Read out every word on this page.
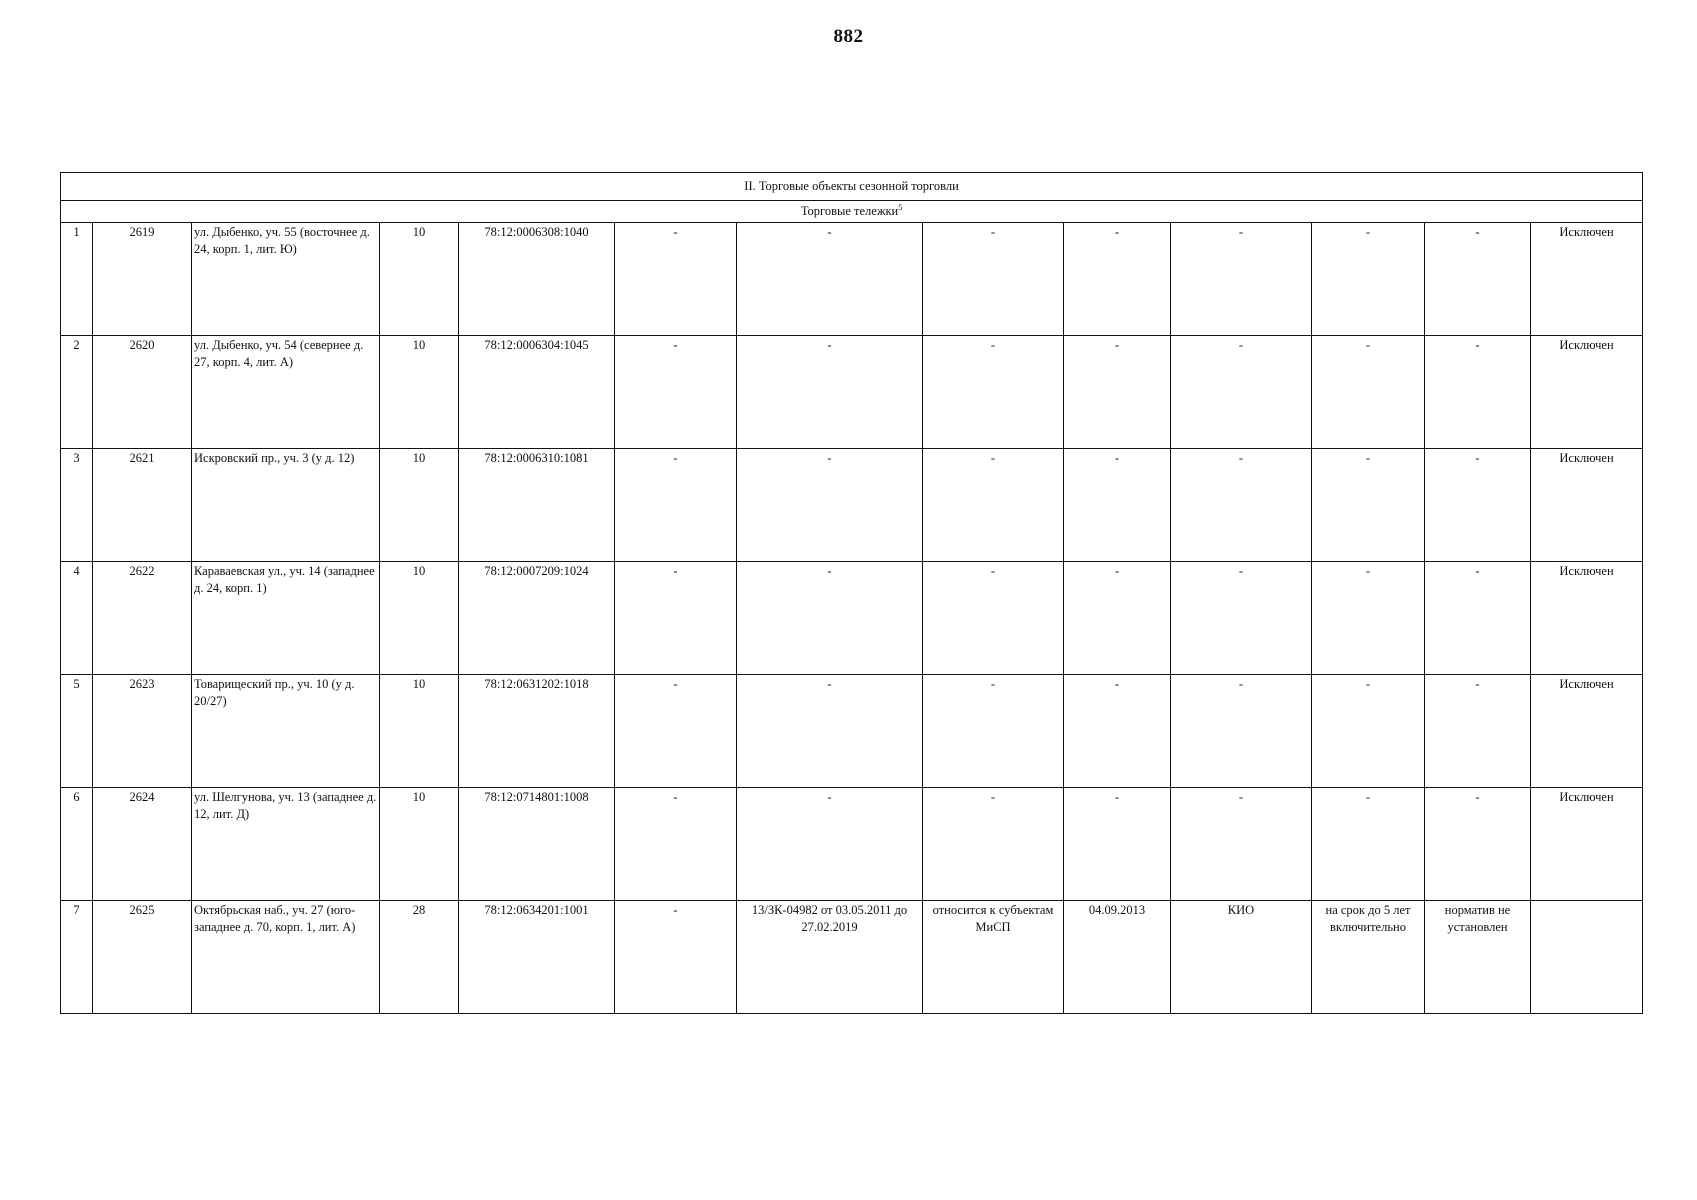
882
II. Торговые объекты сезонной торговли												
Торговые тележки$^5$
1	2619	ул. Дыбенко, уч. 55 (восточнее д. 24, корп. 1, лит. Ю)	10	78:12:0006308:1040	-	-	-	-	-	-	-	Исключен
2	2620	ул. Дыбенко, уч. 54 (севернее д. 27, корп. 4, лит. А)	10	78:12:0006304:1045	-	-	-	-	-	-	-	Исключен
3	2621	Искровский пр., уч. 3 (у д. 12)	10	78:12:0006310:1081	-	-	-	-	-	-	-	Исключен
4	2622	Караваевская ул., уч. 14 (западнее д. 24, корп. 1)	10	78:12:0007209:1024	-	-	-	-	-	-	-	Исключен
5	2623	Товарищеский пр., уч. 10 (у д. 20/27)	10	78:12:0631202:1018	-	-	-	-	-	-	-	Исключен
6	2624	ул. Шелгунова, уч. 13 (западнее д. 12, лит. Д)	10	78:12:0714801:1008	-	-	-	-	-	-	-	Исключен
7	2625	Октябрьская наб., уч. 27 (юго-западнее д. 70, корп. 1, лит. А)	28	78:12:0634201:1001	-	13/ЗК-04982 от 03.05.2011 до 27.02.2019	относится к субъектам МиСП	04.09.2013	КИО	на срок до 5 лет включительно	норматив не установлен	
